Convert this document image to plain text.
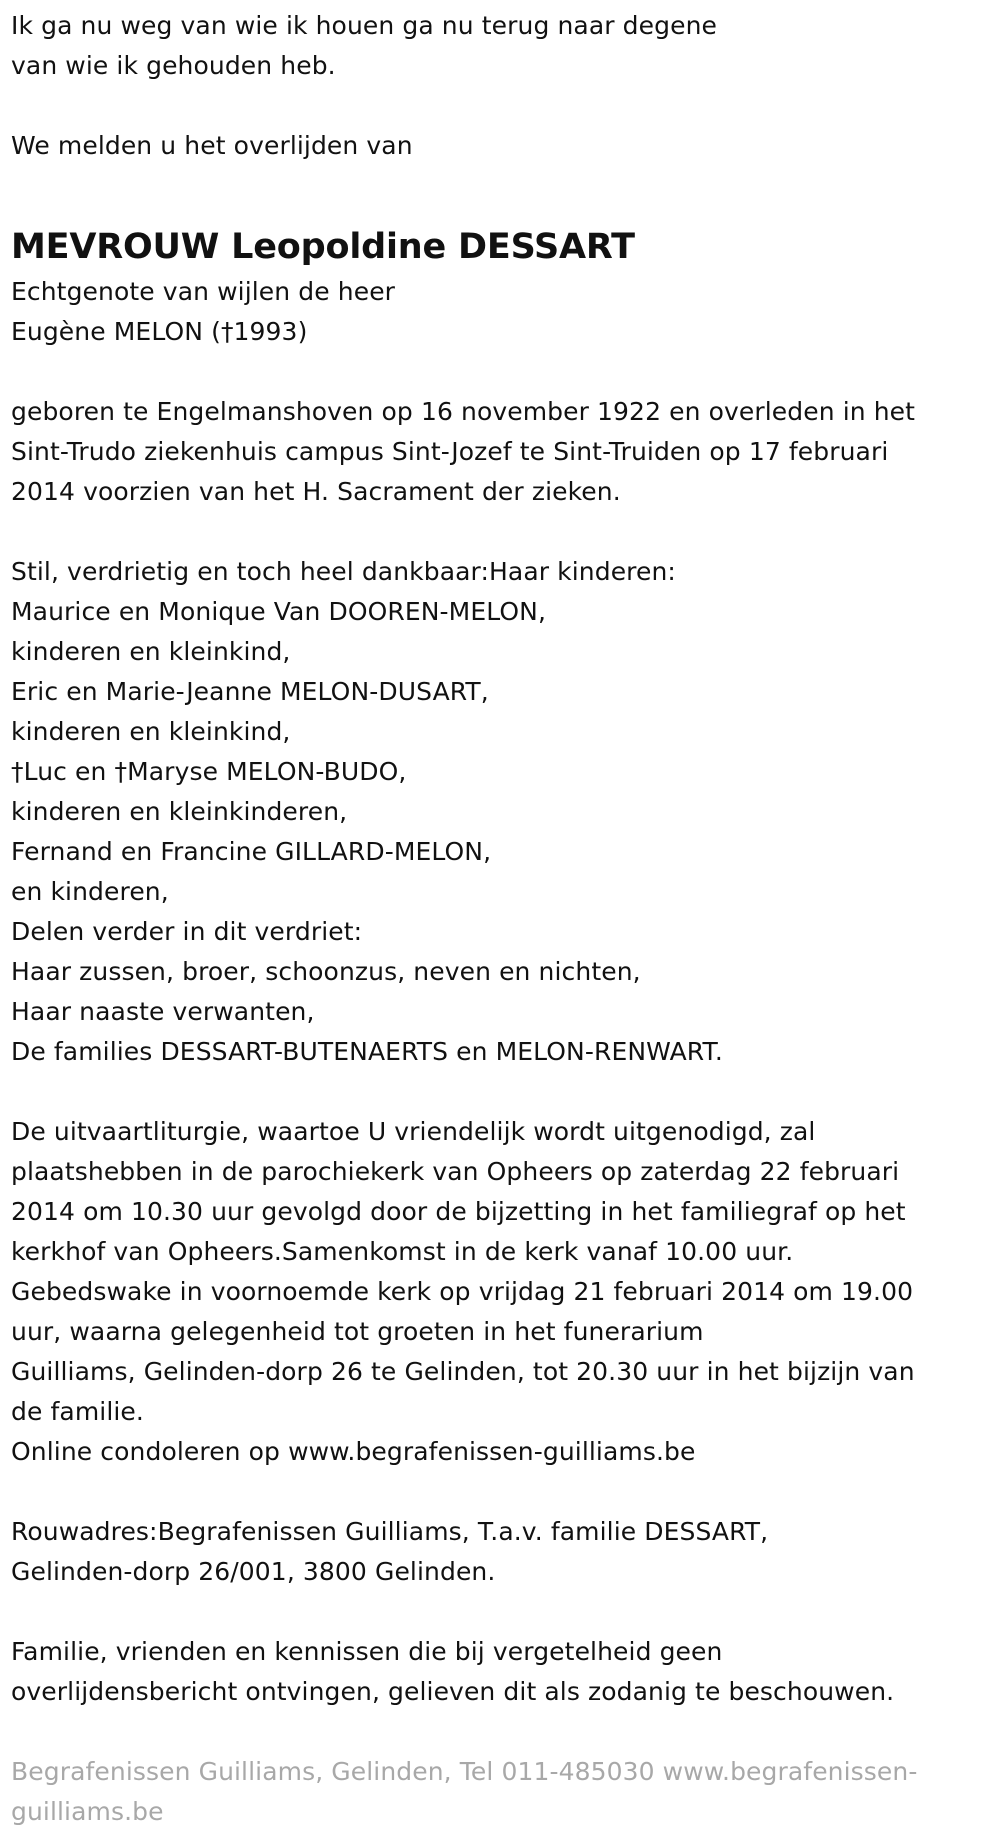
Ik ga nu weg van wie ik houen ga nu terug naar degene

van wie ik gehouden heb.

We melden u het overlijden van

MEVROUW Leopoldine DESSART

Echtgenote van wijlen de heer

Eugène MELON (†1993)

geboren te Engelmanshoven op 16 november 1922 en overleden in het

Sint-Trudo ziekenhuis campus Sint-Jozef te Sint-Truiden op 17 februari

2014 voorzien van het H. Sacrament der zieken.

Stil, verdrietig en toch heel dankbaar:Haar kinderen:

Maurice en Monique Van DOOREN-MELON,

kinderen en kleinkind,

Eric en Marie-Jeanne MELON-DUSART,

kinderen en kleinkind,

†Luc en †Maryse MELON-BUDO,

kinderen en kleinkinderen,

Fernand en Francine GILLARD-MELON,

en kinderen,

Delen verder in dit verdriet:

Haar zussen, broer, schoonzus, neven en nichten,

Haar naaste verwanten,

De families DESSART-BUTENAERTS en MELON-RENWART.

De uitvaartliturgie, waartoe U vriendelijk wordt uitgenodigd, zal

plaatshebben in de parochiekerk van Opheers op zaterdag 22 februari

2014 om 10.30 uur gevolgd door de bijzetting in het familiegraf op het

kerkhof van Opheers.Samenkomst in de kerk vanaf 10.00 uur.

Gebedswake in voornoemde kerk op vrijdag 21 februari 2014 om 19.00

uur, waarna gelegenheid tot groeten in het funerarium

Guilliams, Gelinden-dorp 26 te Gelinden, tot 20.30 uur in het bijzijn van

de familie.

Online condoleren op www.begrafenissen-guilliams.be

Rouwadres:Begrafenissen Guilliams, T.a.v. familie DESSART,

Gelinden-dorp 26/001, 3800 Gelinden.

Familie, vrienden en kennissen die bij vergetelheid geen

overlijdensbericht ontvingen, gelieven dit als zodanig te beschouwen.

Begrafenissen Guilliams, Gelinden, Tel 011-485030 www.begrafenissen-

guilliams.be
